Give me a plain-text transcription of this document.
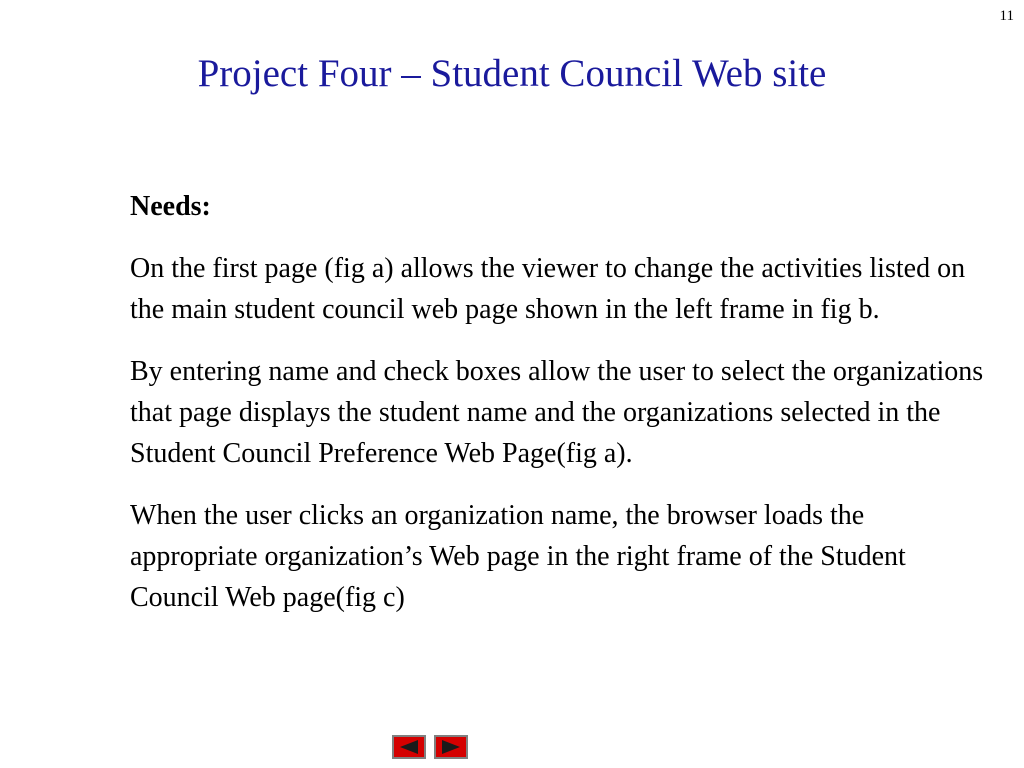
11
Project Four – Student Council Web site
Needs:

On the first page (fig a) allows the viewer to change the activities listed on the main student council web page shown in the left frame in fig b.

By entering name and check boxes allow the user to select the organizations that page displays the student name and the organizations selected in the Student Council Preference Web Page(fig a).

When the user clicks an organization name, the browser loads the appropriate organization’s Web page in the right frame of the Student Council Web page(fig c)
